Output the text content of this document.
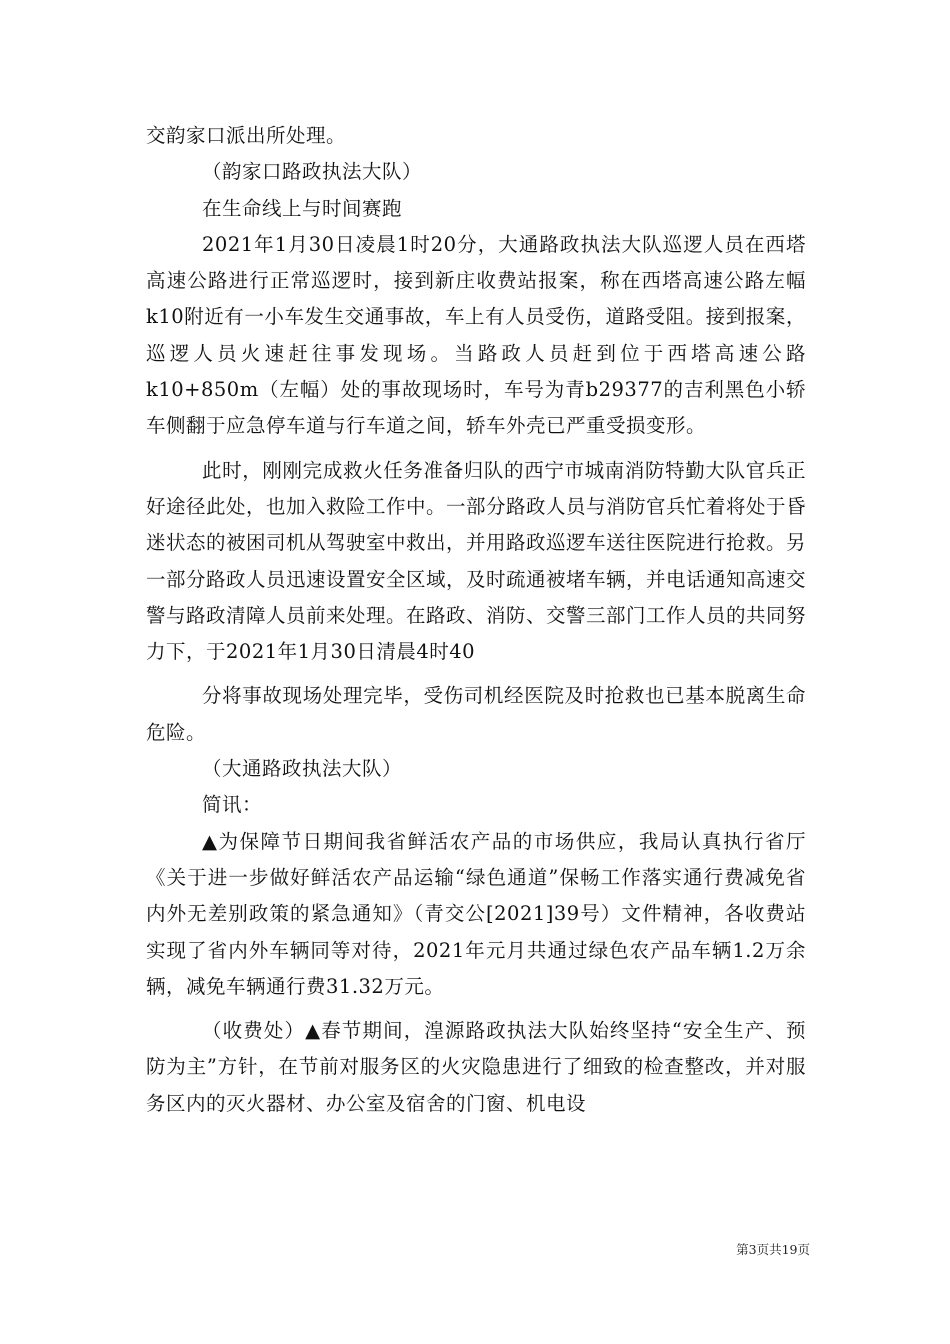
交韵家口派出所处理。

（韵家口路政执法大队）

在生命线上与时间赛跑

2021年1月30日凌晨1时20分，大通路政执法大队巡逻人员在西塔高速公路进行正常巡逻时，接到新庄收费站报案，称在西塔高速公路左幅k10附近有一小车发生交通事故，车上有人员受伤，道路受阻。接到报案，巡逻人员火速赶往事发现场。当路政人员赶到位于西塔高速公路k10+850m（左幅）处的事故现场时，车号为青b29377的吉利黑色小轿车侧翻于应急停车道与行车道之间，轿车外壳已严重受损变形。

此时，刚刚完成救火任务准备归队的西宁市城南消防特勤大队官兵正好途径此处，也加入救险工作中。一部分路政人员与消防官兵忙着将处于昏迷状态的被困司机从驾驶室中救出，并用路政巡逻车送往医院进行抢救。另一部分路政人员迅速设置安全区域，及时疏通被堵车辆，并电话通知高速交警与路政清障人员前来处理。在路政、消防、交警三部门工作人员的共同努力下，于2021年1月30日清晨4时40

分将事故现场处理完毕，受伤司机经医院及时抢救也已基本脱离生命危险。

（大通路政执法大队）

简讯：

▲为保障节日期间我省鲜活农产品的市场供应，我局认真执行省厅《关于进一步做好鲜活农产品运输“绿色通道”保畅工作落实通行费减免省内外无差别政策的紧急通知》（青交公[2021]39号）文件精神，各收费站实现了省内外车辆同等对待，2021年元月共通过绿色农产品车辆1.2万余辆，减免车辆通行费31.32万元。

（收费处）▲春节期间，湟源路政执法大队始终坚持“安全生产、预防为主”方针，在节前对服务区的火灾隐患进行了细致的检查整改，并对服务区内的灭火器材、办公室及宿舍的门窗、机电设

第3页共19页
